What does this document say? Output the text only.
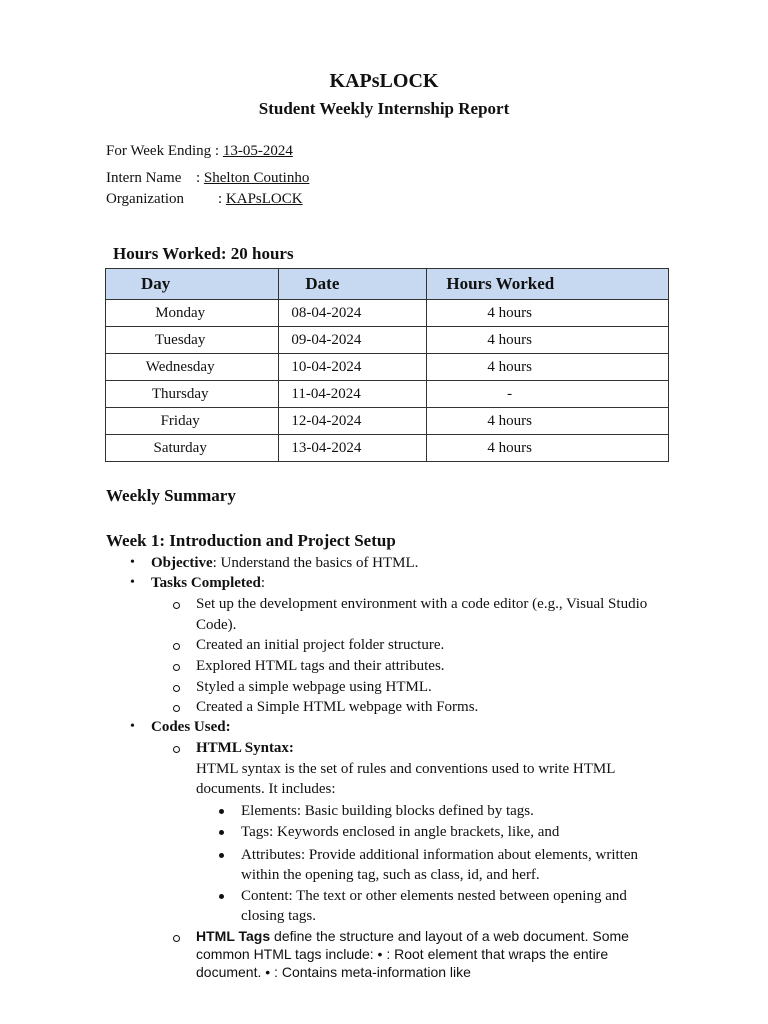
KAPsLOCK
Student Weekly Internship Report
For Week Ending : 13-05-2024
Intern Name : Shelton Coutinho
Organization : KAPsLOCK
Hours Worked: 20 hours
Day	Date	Hours Worked
Monday	08-04-2024	4 hours
Tuesday	09-04-2024	4 hours
Wednesday	10-04-2024	4 hours
Thursday	11-04-2024	-
Friday	12-04-2024	4 hours
Saturday	13-04-2024	4 hours
Weekly Summary
Week 1: Introduction and Project Setup
• Objective: Understand the basics of HTML.
• Tasks Completed:
Set up the development environment with a code editor (e.g., Visual Studio
Code).
Created an initial project folder structure.
Explored HTML tags and their attributes.
Styled a simple webpage using HTML.
Created a Simple HTML webpage with Forms.
• Codes Used:
HTML Syntax:
HTML syntax is the set of rules and conventions used to write HTML
documents. It includes:
Elements: Basic building blocks defined by tags.
Tags: Keywords enclosed in angle brackets, like, and
Attributes: Provide additional information about elements, written
within the opening tag, such as class, id, and herf.
Content: The text or other elements nested between opening and
closing tags.
HTML Tags define the structure and layout of a web document. Some
common HTML tags include: • : Root element that wraps the entire
document. • : Contains meta-information like
